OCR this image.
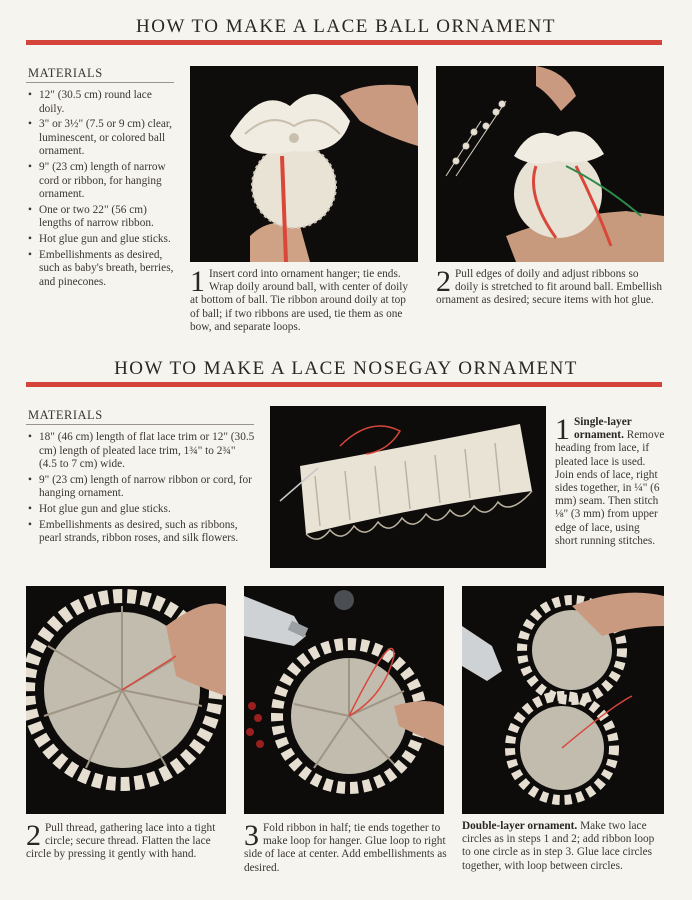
HOW TO MAKE A LACE BALL ORNAMENT
MATERIALS
• 12" (30.5 cm) round lace doily.
• 3" or 3½" (7.5 or 9 cm) clear, luminescent, or colored ball ornament.
• 9" (23 cm) length of narrow cord or ribbon, for hanging ornament.
• One or two 22" (56 cm) lengths of narrow ribbon.
• Hot glue gun and glue sticks.
• Embellishments as desired, such as baby's breath, berries, and pinecones.	1 Insert cord into ornament hanger; tie ends. Wrap doily around ball, with center of doily at bottom of ball. Tie ribbon around doily at top of ball; if two ribbons are used, tie them as one bow, and separate loops.
2 Pull edges of doily and adjust ribbons so doily is stretched to fit around ball. Embellish ornament as desired; secure items with hot glue.
HOW TO MAKE A LACE NOSEGAY ORNAMENT
MATERIALS
• 18" (46 cm) length of flat lace trim or 12" (30.5 cm) length of pleated lace trim, 1¾" to 2¾" (4.5 to 7 cm) wide.
• 9" (23 cm) length of narrow ribbon or cord, for hanging ornament.
• Hot glue gun and glue sticks.
• Embellishments as desired, such as ribbons, pearl strands, ribbon roses, and silk flowers.
1 Single-layer ornament. Remove heading from lace, if pleated lace is used. Join ends of lace, right sides together, in ¼" (6 mm) seam. Then stitch ⅛" (3 mm) from upper edge of lace, using short running stitches.
2 Pull thread, gathering lace into a tight circle; secure thread. Flatten the lace circle by pressing it gently with hand.
3 Fold ribbon in half; tie ends together to make loop for hanger. Glue loop to right side of lace at center. Add embellishments as desired.
Double-layer ornament. Make two lace circles as in steps 1 and 2; add ribbon loop to one circle as in step 3. Glue lace circles together, with loop between circles.
